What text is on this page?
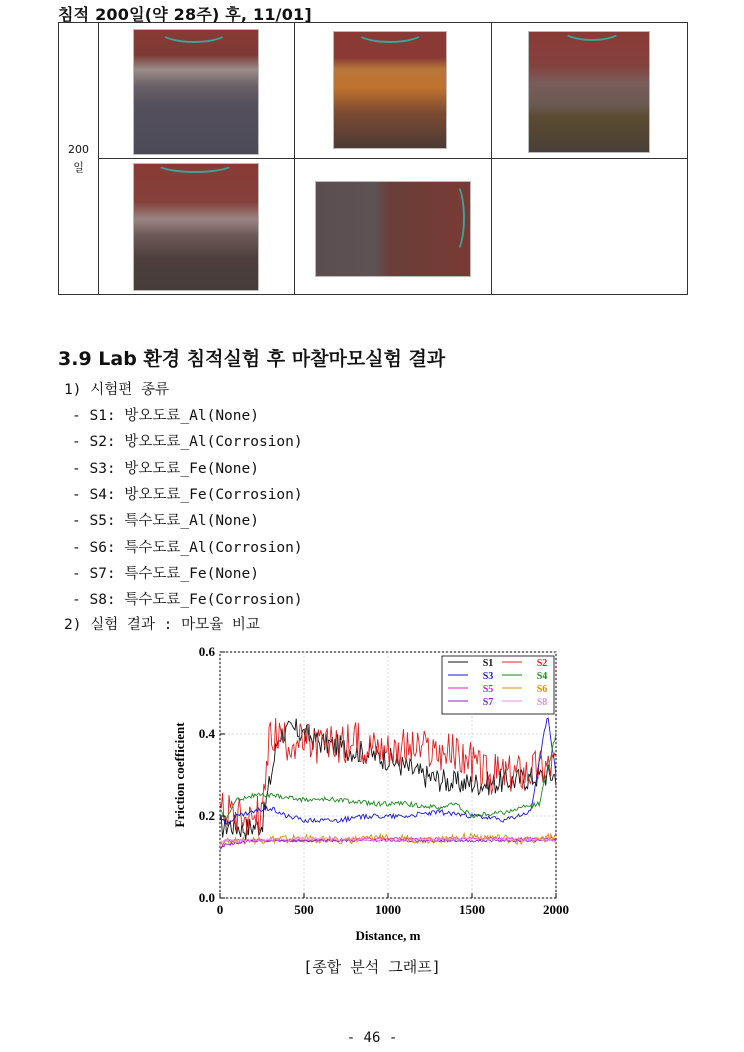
침적 200일(약 28주) 후, 11/01]
200
일			

3.9 Lab 환경 침적실험 후 마찰마모실험 결과
1) 시험편 종류
- S1: 방오도료_Al(None)
- S2: 방오도료_Al(Corrosion)
- S3: 방오도료_Fe(None)
- S4: 방오도료_Fe(Corrosion)
- S5: 특수도료_Al(None)
- S6: 특수도료_Al(Corrosion)
- S7: 특수도료_Fe(None)
- S8: 특수도료_Fe(Corrosion)
2) 실험 결과 : 마모율 비교
S1	S2
S3	S4
S5	S6
S7	S8
0	500	1000	1500	2000
0.0
0.2
0.4
0.6
Distance, m
Friction coefficient
[종합 분석 그래프]
- 46 -
